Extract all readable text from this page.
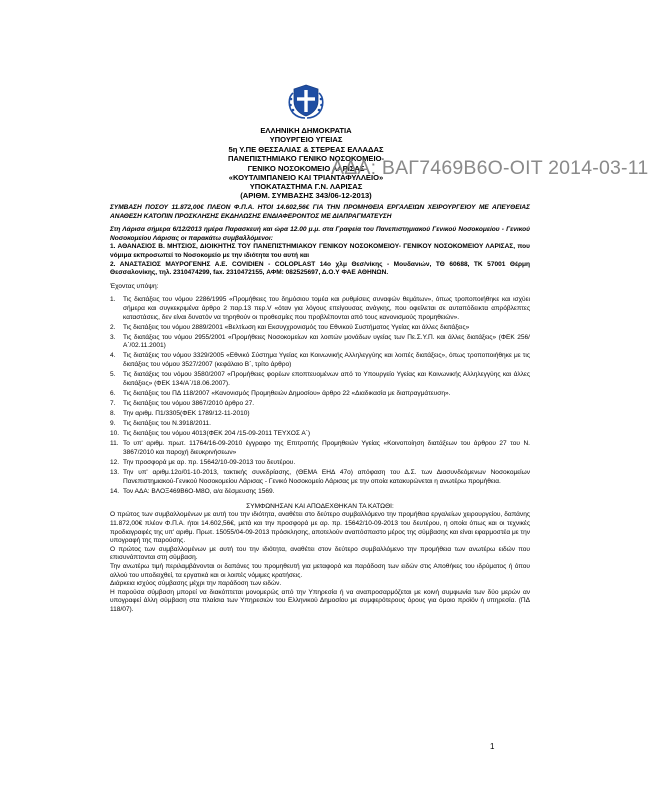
ΕΛΛΗΝΙΚΗ ΔΗΜΟΚΡΑΤΙΑ
ΥΠΟΥΡΓΕΙΟ ΥΓΕΙΑΣ
5η Υ.ΠΕ ΘΕΣΣΑΛΙΑΣ & ΣΤΕΡΕΑΣ ΕΛΛΑΔΑΣ
ΠΑΝΕΠΙΣΤΗΜΙΑΚΟ ΓΕΝΙΚΟ ΝΟΣΟΚΟΜΕΙΟ-
ΓΕΝΙΚΟ ΝΟΣΟΚΟΜΕΙΟ ΛΑΡΙΣΑΣ
«ΚΟΥΤΛΙΜΠΑΝΕΙΟ ΚΑΙ ΤΡΙΑΝΤΑΦΥΛΛΕΙΟ»
ΥΠΟΚΑΤΑΣΤΗΜΑ Γ.Ν. ΛΑΡΙΣΑΣ
ΑΔΑ: ΒΑΓ7469Β6Ο-ΟΙΤ 2014-03-11
(ΑΡΙΘΜ. ΣΥΜΒΑΣΗΣ 343/06-12-2013)

ΣΥΜΒΑΣΗ ΠΟΣΟΥ 11.872,00€ ΠΛΕΟΝ Φ.Π.Α. ΗΤΟΙ 14.602,56€ ΓΙΑ ΤΗΝ ΠΡΟΜΗΘΕΙΑ ΕΡΓΑΛΕΙΩΝ ΧΕΙΡΟΥΡΓΕΙΟΥ ΜΕ ΑΠΕΥΘΕΙΑΣ ΑΝΑΘΕΣΗ ΚΑΤΟΠΙΝ ΠΡΟΣΚΛΗΣΗΣ ΕΚΔΗΛΩΣΗΣ ΕΝΔΙΑΦΕΡΟΝΤΟΣ ΜΕ ΔΙΑΠΡΑΓΜΑΤΕΥΣΗ

Στη Λάρισα σήμερα 6/12/2013 ημέρα Παρασκευή και ώρα 12.00 μ.μ. στα Γραφεία του Πανεπιστημιακού Γενικού Νοσοκομείου - Γενικού Νοσοκομείου Λάρισας οι παρακάτω συμβαλλόμενοι:

1. ΑΘΑΝΑΣΙΟΣ Β. ΜΗΤΣΙΟΣ, ΔΙΟΙΚΗΤΗΣ ΤΟΥ ΠΑΝΕΠΙΣΤΗΜΙΑΚΟΥ ΓΕΝΙΚΟΥ ΝΟΣΟΚΟΜΕΙΟΥ- ΓΕΝΙΚΟΥ ΝΟΣΟΚΟΜΕΙΟΥ ΛΑΡΙΣΑΣ, που νόμιμα εκπροσωπεί το Νοσοκομείο με την ιδιότητα του αυτή και

2. ΑΝΑΣΤΑΣΙΟΣ ΜΑΥΡΟΓΕΝΗΣ Α.Ε. COVIDIEN - COLOPLAST 14ο χλμ Θεσ/νίκης - Μουδανιών, ΤΘ 60688, ΤΚ 57001 Θέρμη Θεσσαλονίκης, τηλ. 2310474299, fax. 2310472155, ΑΦΜ: 082525697, Δ.Ο.Υ ΦΑΕ ΑΘΗΝΩΝ.

Έχοντας υπόψη:

1. Τις διατάξεις του νόμου 2286/1995 «Προμήθειες του δημόσιου τομέα και ρυθμίσεις συναφών θεμάτων», όπως τροποποιήθηκε και ισχύει σήμερα και συγκεκριμένα άρθρο 2 παρ.13 περ.V «όταν για λόγους επείγουσας ανάγκης, που οφείλεται σε αυταπόδεικτα απρόβλεπτες καταστάσεις, δεν είναι δυνατόν να τηρηθούν οι προθεσμίες που προβλέπονται από τους κανονισμούς προμηθειών».
2. Τις διατάξεις του νόμου 2889/2001 «Βελτίωση και Εκσυγχρονισμός του Εθνικού Συστήματος Υγείας και άλλες διατάξεις»
3. Τις διατάξεις του νόμου 2955/2001 «Προμήθειες Νοσοκομείων και λοιπών μονάδων υγείας των Πε.Σ.Υ.Π. και άλλες διατάξεις» (ΦΕΚ 256/Α΄/02.11.2001)
4. Τις διατάξεις του νόμου 3329/2005 «Εθνικό Σύστημα Υγείας και Κοινωνικής Αλληλεγγύης και λοιπές διατάξεις», όπως τροποποιήθηκε με τις διατάξεις του νόμου 3527/2007 (κεφάλαιο Β΄, τρίτο άρθρο)
5. Τις διατάξεις του νόμου 3580/2007 «Προμήθειες φορέων εποπτευομένων από το Υπουργείο Υγείας και Κοινωνικής Αλληλεγγύης και άλλες διατάξεις» (ΦΕΚ 134/Α΄/18.06.2007).
6. Τις διατάξεις του ΠΔ 118/2007 «Κανονισμός Προμηθειών Δημοσίου» άρθρο 22 «Διαδικασία με διαπραγμάτευση».
7. Τις διατάξεις του νόμου 3867/2010 άρθρο 27.
8. Την αριθμ. Π1/3305(ΦΕΚ 1789/12-11-2010)
9. Τις διατάξεις του Ν.3918/2011.
10. Τις διατάξεις του νόμου 4013(ΦΕΚ 204 /15-09-2011 ΤΕΥΧΟΣ Α΄)
11. Το υπ' αριθμ. πρωτ. 11764/16-09-2010 έγγραφο της Επιτροπής Προμηθειών Υγείας «Κοινοποίηση διατάξεων του άρθρου 27 του Ν. 3867/2010 και παροχή διευκρινήσεων»
12. Την προσφορά με αρ. πρ. 15642/10-09-2013 του δευτέρου.
13. Την υπ' αριθμ.12ο/01-10-2013, τακτικής συνεδρίασης, (ΘΕΜΑ ΕΗΔ 47ο) απόφαση του Δ.Σ. των Διασυνδεόμενων Νοσοκομείων Πανεπιστημιακού-Γενικού Νοσοκομείου Λάρισας - Γενικό Νοσοκομείο Λάρισας με την οποία κατακυρώνεται η ανωτέρω προμήθεια.
14. Τον ΑΔΑ: ΒΛΟΞ469Β6Ο-Μ8Ο, α/α δέσμευσης 1569.

ΣΥΜΦΩΝΗΣΑΝ ΚΑΙ ΑΠΟΔΕΧΘΗΚΑΝ ΤΑ ΚΑΤΩΘΙ:

Ο πρώτος των συμβαλλομένων με αυτή του την ιδιότητα, αναθέτει στο δεύτερο συμβαλλόμενο την προμήθεια εργαλείων χειρουργείου, δαπάνης 11.872,00€ πλέον Φ.Π.Α. ήτοι 14.602,56€, μετά και την προσφορά με αρ. πρ. 15642/10-09-2013 του δευτέρου, η οποία όπως και οι τεχνικές προδιαγραφές της υπ' αριθμ. Πρωτ. 15055/04-09-2013 πρόσκλησης, αποτελούν αναπόσπαστο μέρος της σύμβασης και είναι εφαρμοστέα με την υπογραφή της παρούσης.

Ο πρώτος των συμβαλλομένων με αυτή του την ιδιότητα, αναθέτει στον δεύτερο συμβαλλόμενο την προμήθεια των ανωτέρω ειδών που επισυνάπτονται στη σύμβαση.

Την ανωτέρω τιμή περιλαμβάνονται οι δαπάνες του προμηθευτή για μεταφορά και παράδοση των ειδών στις Αποθήκες του ιδρύματος ή όπου αλλού του υποδειχθεί, τα εργατικά και οι λοιπές νόμιμες κρατήσεις.

Διάρκεια ισχύος σύμβασης μέχρι την παράδοση των ειδών.

Η παρούσα σύμβαση μπορεί να διακόπτεται μονομερώς από την Υπηρεσία ή να αναπροσαρμόζεται με κοινή συμφωνία των δύο μερών αν υπογραφεί άλλη σύμβαση στα πλαίσια των Υπηρεσιών του Ελληνικού Δημοσίου με συμφερότερους όρους για όμοιο προϊόν ή υπηρεσία. (ΠΔ 118/07).

1
